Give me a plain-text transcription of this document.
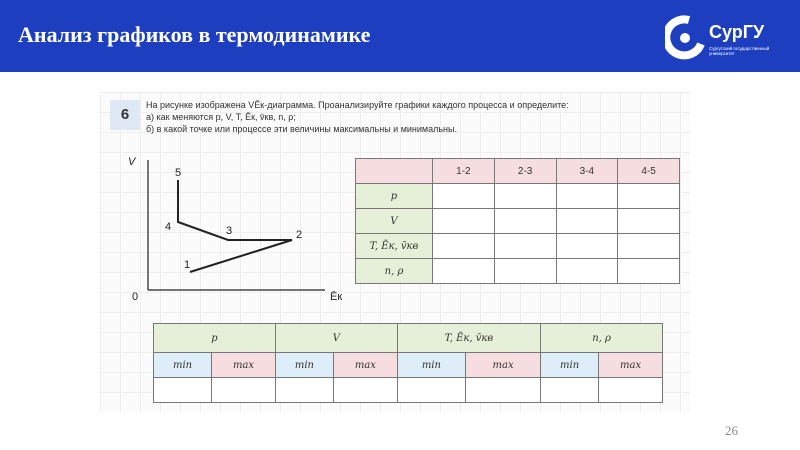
Анализ графиков в термодинамике	СурГУ
Сургутский государственный университет
6
На рисунке изображена VĒк-диаграмма. Проанализируйте графики каждого процесса и определите:
а) как меняются p, V, T, Ēк, v̄кв, n, ρ;
б) в какой точке или процессе эти величины максимальны и минимальны.
V
Ēк
0
1
2
3
4
5
		1-2	2-3	3-4	4-5
p				
V				
T, Ēк, v̄кв				
n, ρ				
p		V		T, Ēк, v̄кв		n, ρ	
min	max	min	max	min	max	min	max

26
